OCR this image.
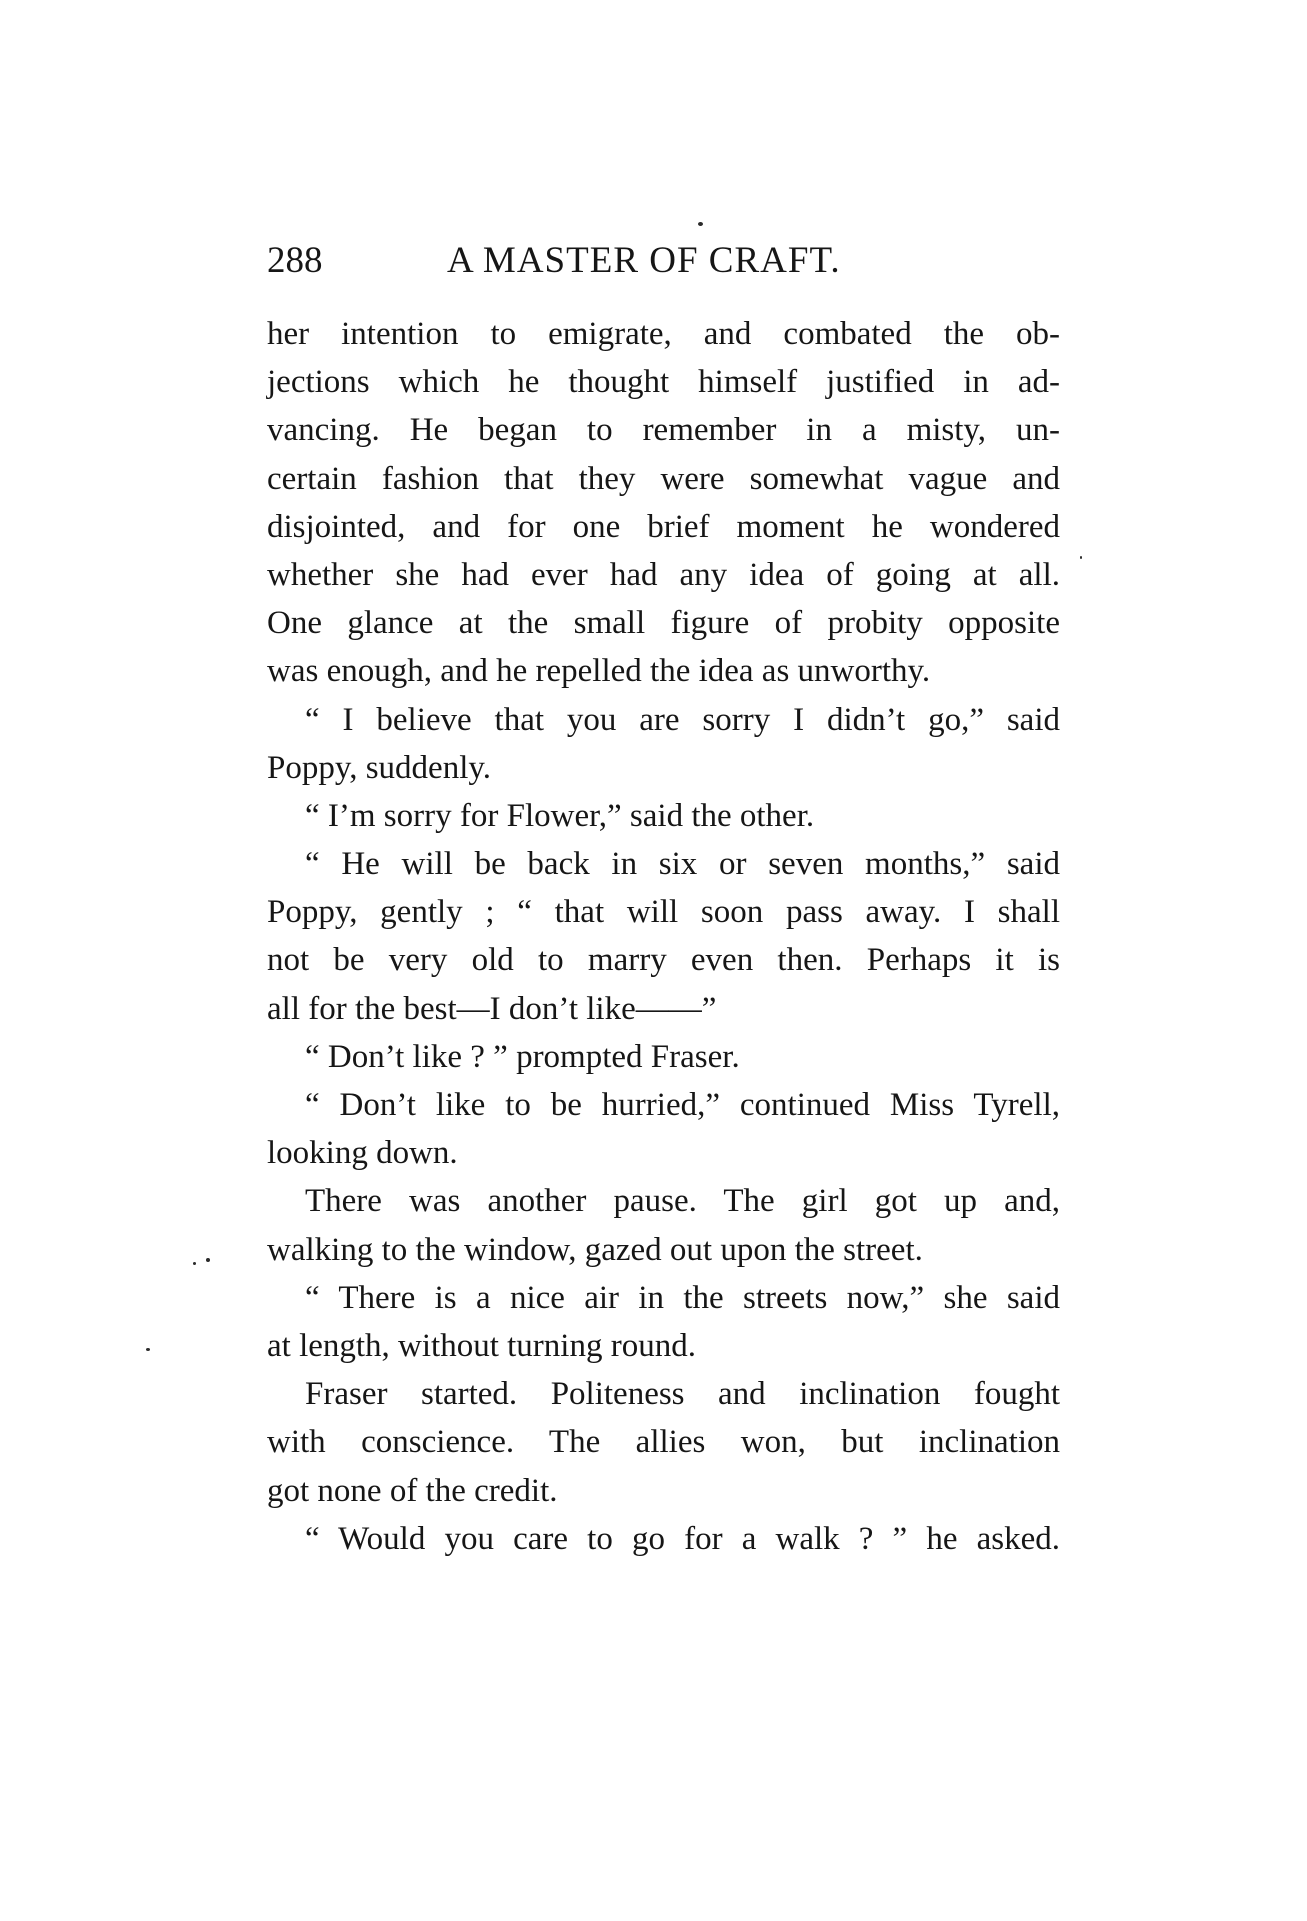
288	A MASTER OF CRAFT.
her intention to emigrate, and combated the ob-
jections which he thought himself justified in ad-
vancing. He began to remember in a misty, un-
certain fashion that they were somewhat vague and
disjointed, and for one brief moment he wondered
whether she had ever had any idea of going at all.
One glance at the small figure of probity opposite
was enough, and he repelled the idea as unworthy.
“ I believe that you are sorry I didn’t go,” said
Poppy, suddenly.
“ I’m sorry for Flower,” said the other.
“ He will be back in six or seven months,” said
Poppy, gently ; “ that will soon pass away. I shall
not be very old to marry even then. Perhaps it is
all for the best—I don’t like——”
“ Don’t like ? ” prompted Fraser.
“ Don’t like to be hurried,” continued Miss Tyrell,
looking down.
There was another pause. The girl got up and,
walking to the window, gazed out upon the street.
“ There is a nice air in the streets now,” she said
at length, without turning round.
Fraser started. Politeness and inclination fought
with conscience. The allies won, but inclination
got none of the credit.
“ Would you care to go for a walk ? ” he asked.
